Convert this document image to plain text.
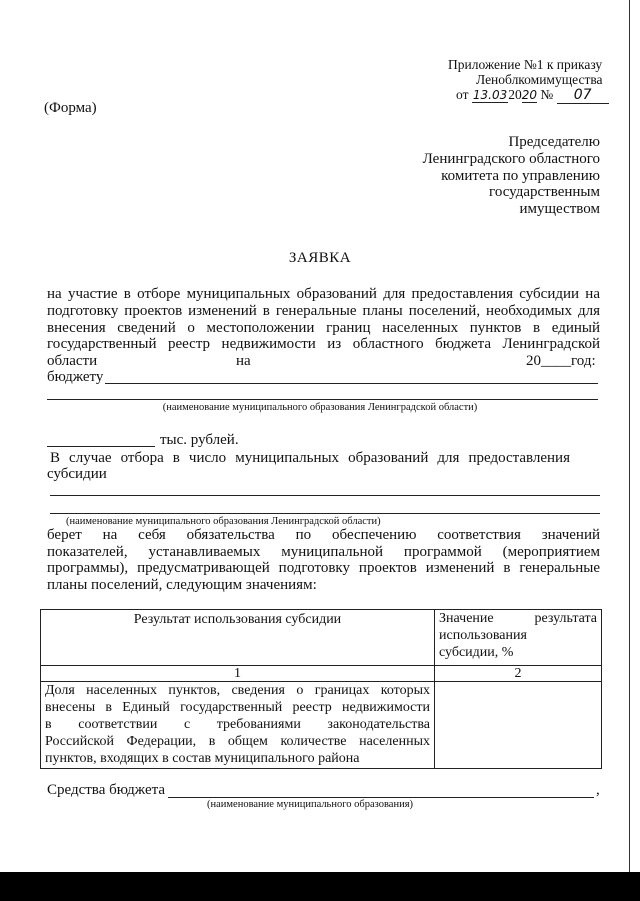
Приложение №1 к приказу
Леноблкомимущества
от 13.032020 № 07
(Форма)
Председателю
Ленинградского областного
комитета по управлению
государственным
имуществом
ЗАЯВКА
на участие в отборе муниципальных образований для предоставления субсидии на
подготовку проектов изменений в генеральные планы поселений, необходимых для
внесения сведений о местоположении границ населенных пунктов в единый
государственный реестр недвижимости из областного бюджета Ленинградской
области	на	20____год:
бюджету
(наименование муниципального образования Ленинградской области)
тыс. рублей.
В случае отбора в число муниципальных образований для предоставления
субсидии
(наименование муниципального образования Ленинградской области)
берет на себя обязательства по обеспечению соответствия значений
показателей, устанавливаемых муниципальной программой (мероприятием
программы), предусматривающей подготовку проектов изменений в генеральные
планы поселений, следующим значениям:
Результат использования субсидии	Значение результата
использования
субсидии, %

1	2

Доля населенных пунктов, сведения о границах которых
внесены в Единый государственный реестр недвижимости
в соответствии с требованиями законодательства
Российской Федерации, в общем количестве населенных
пунктов, входящих в состав муниципального района	

Средства бюджета	,
(наименование муниципального образования)
